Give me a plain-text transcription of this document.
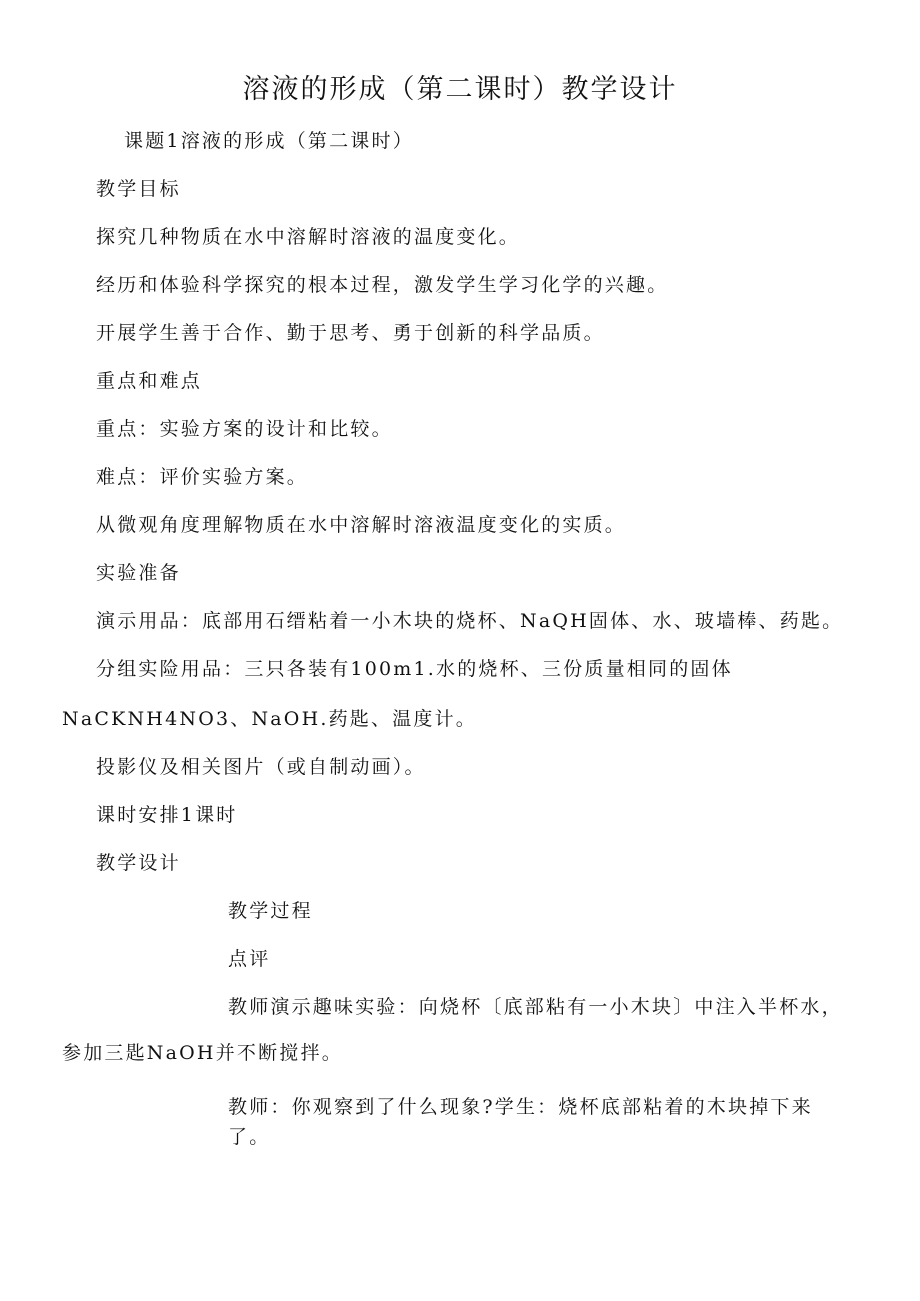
溶液的形成（第二课时）教学设计
课题1溶液的形成（第二课时）
教学目标
探究几种物质在水中溶解时溶液的温度变化。
经历和体验科学探究的根本过程，激发学生学习化学的兴趣。
开展学生善于合作、勤于思考、勇于创新的科学品质。
重点和难点
重点：实验方案的设计和比较。
难点：评价实验方案。
从微观角度理解物质在水中溶解时溶液温度变化的实质。
实验准备
演示用品：底部用石缙粘着一小木块的烧杯、NaQH固体、水、玻墙棒、药匙。
分组实险用品：三只各装有100m1.水的烧杯、三份质量相同的固体
NaCKNH4NO3、NaOH.药匙、温度计。
投影仪及相关图片（或自制动画）。
课时安排1课时
教学设计
教学过程
点评
教师演示趣味实验：向烧杯〔底部粘有一小木块〕中注入半杯水，
参加三匙NaOH并不断搅拌。
教师：你观察到了什么现象?学生：烧杯底部粘着的木块掉下来
了。
